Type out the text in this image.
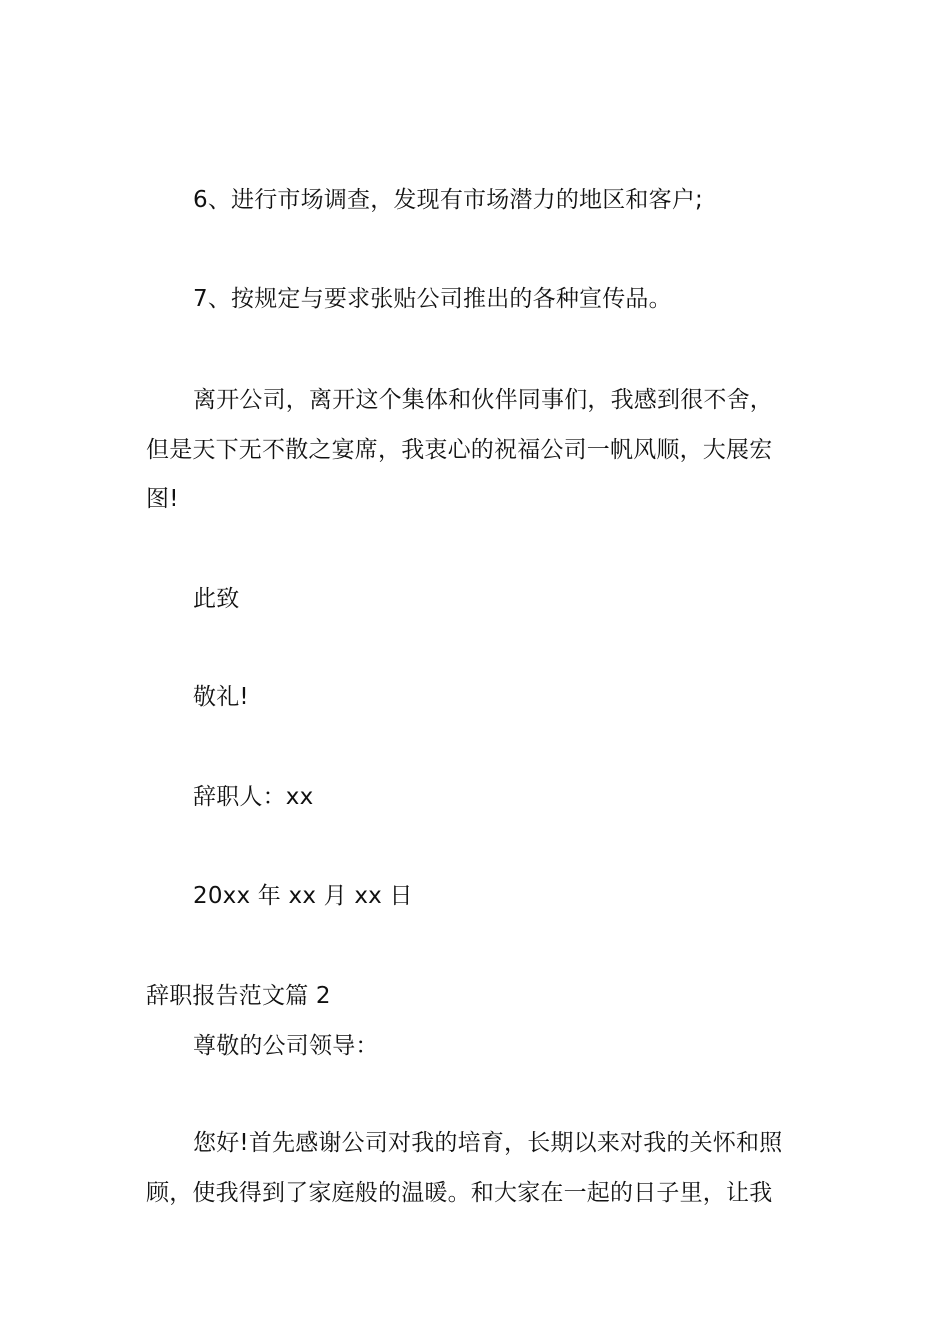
6、进行市场调查，发现有市场潜力的地区和客户;
7、按规定与要求张贴公司推出的各种宣传品。
离开公司，离开这个集体和伙伴同事们，我感到很不舍，
但是天下无不散之宴席，我衷心的祝福公司一帆风顺，大展宏
图!
此致
敬礼!
辞职人：xx
20xx 年 xx 月 xx 日
辞职报告范文篇 2
尊敬的公司领导：
您好!首先感谢公司对我的培育，长期以来对我的关怀和照
顾，使我得到了家庭般的温暖。和大家在一起的日子里，让我
